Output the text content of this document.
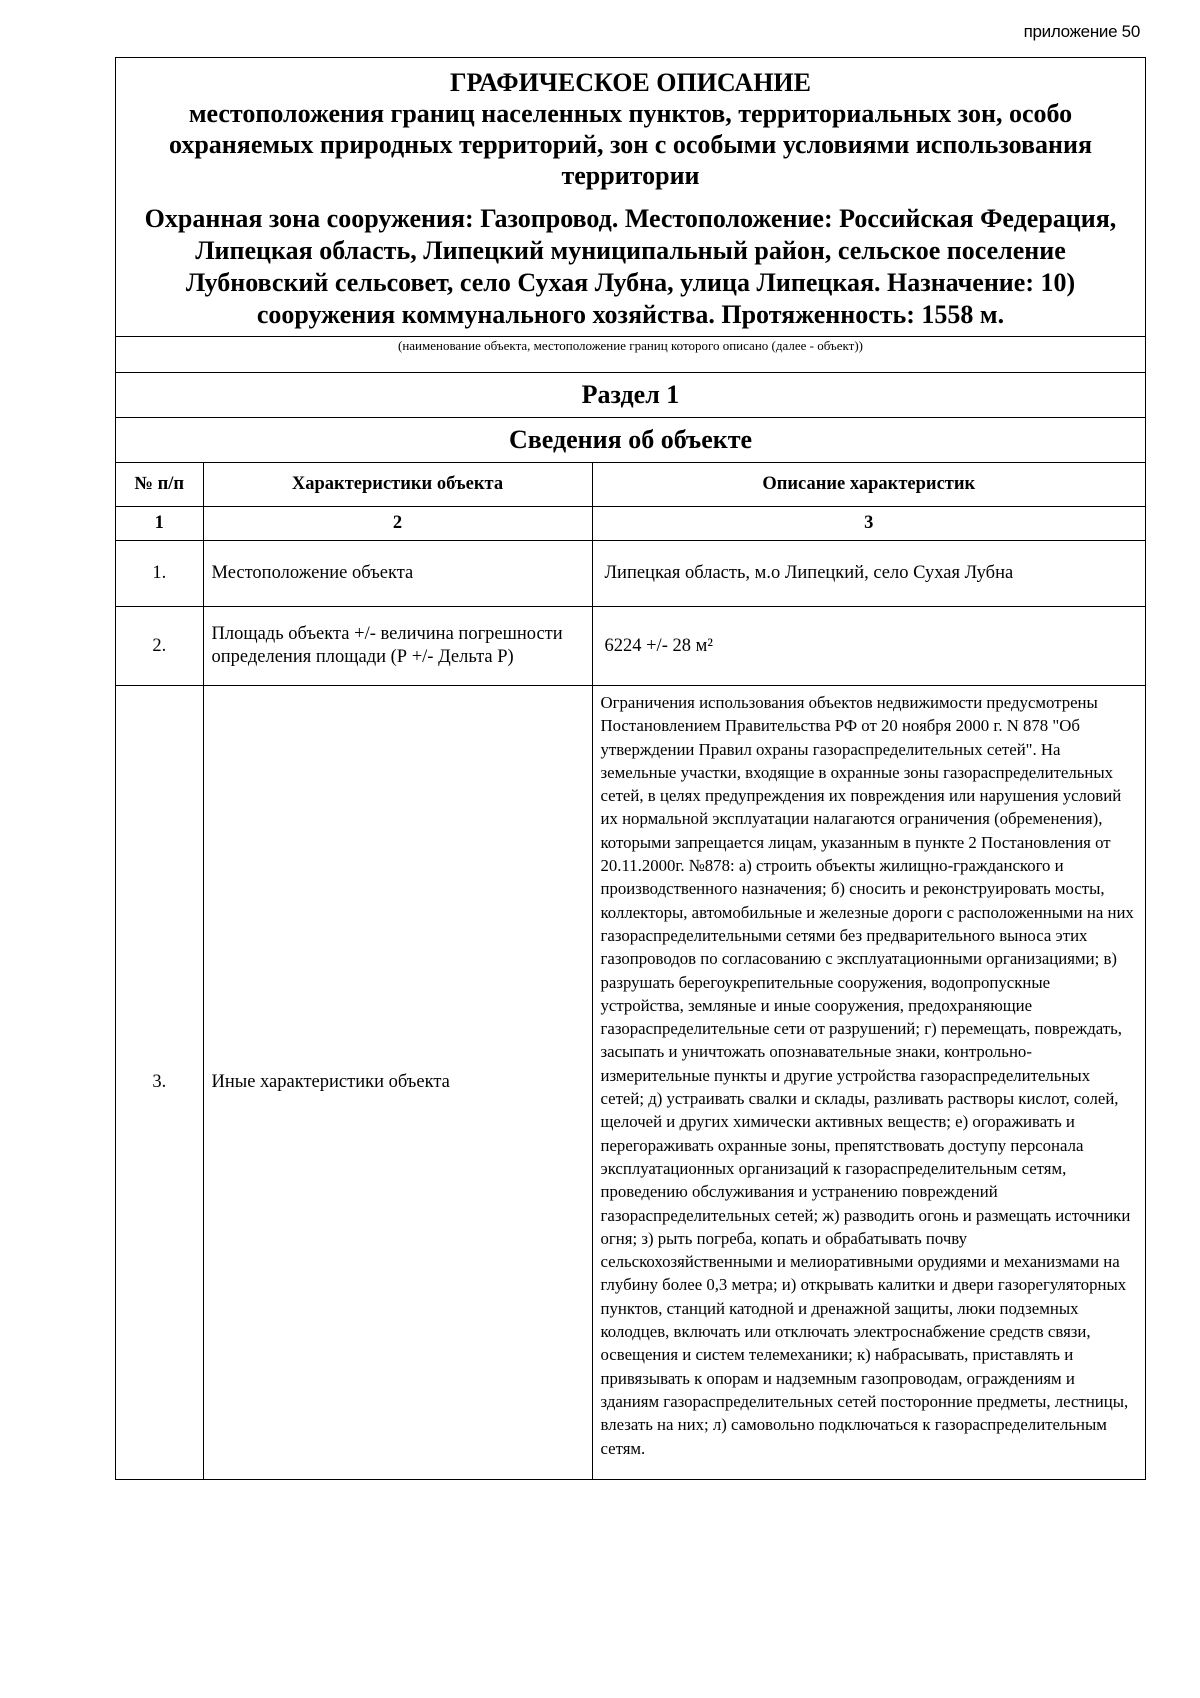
приложение 50
ГРАФИЧЕСКОЕ ОПИСАНИЕ
местоположения границ населенных пунктов, территориальных зон, особо охраняемых природных территорий, зон с особыми условиями использования территории
Охранная зона сооружения: Газопровод. Местоположение: Российская Федерация, Липецкая область, Липецкий муниципальный район, сельское поселение Лубновский сельсовет, село Сухая Лубна, улица Липецкая. Назначение: 10) сооружения коммунального хозяйства. Протяженность: 1558 м.
(наименование объекта, местоположение границ которого описано (далее - объект))
Раздел 1
Сведения об объекте
№ п/п	Характеристики объекта	Описание характеристик
1	2	3
1.	Местоположение объекта	Липецкая область, м.о Липецкий, село Сухая Лубна
2.	Площадь объекта +/- величина погрешности определения площади (Р +/- Дельта Р)	6224 +/- 28 м²
3.	Иные характеристики объекта	Ограничения использования объектов недвижимости предусмотрены Постановлением Правительства РФ от 20 ноября 2000 г. N 878 "Об утверждении Правил охраны газораспределительных сетей". На земельные участки, входящие в охранные зоны газораспределительных сетей, в целях предупреждения их повреждения или нарушения условий их нормальной эксплуатации налагаются ограничения (обременения), которыми запрещается лицам, указанным в пункте 2 Постановления от 20.11.2000г. №878: а) строить объекты жилищно-гражданского и производственного назначения; б) сносить и реконструировать мосты, коллекторы, автомобильные и железные дороги с расположенными на них газораспределительными сетями без предварительного выноса этих газопроводов по согласованию с эксплуатационными организациями; в) разрушать берегоукрепительные сооружения, водопропускные устройства, земляные и иные сооружения, предохраняющие газораспределительные сети от разрушений; г) перемещать, повреждать, засыпать и уничтожать опознавательные знаки, контрольно-измерительные пункты и другие устройства газораспределительных сетей; д) устраивать свалки и склады, разливать растворы кислот, солей, щелочей и других химически активных веществ; е) огораживать и перегораживать охранные зоны, препятствовать доступу персонала эксплуатационных организаций к газораспределительным сетям, проведению обслуживания и устранению повреждений газораспределительных сетей; ж) разводить огонь и размещать источники огня; з) рыть погреба, копать и обрабатывать почву сельскохозяйственными и мелиоративными орудиями и механизмами на глубину более 0,3 метра; и) открывать калитки и двери газорегуляторных пунктов, станций катодной и дренажной защиты, люки подземных колодцев, включать или отключать электроснабжение средств связи, освещения и систем телемеханики; к) набрасывать, приставлять и привязывать к опорам и надземным газопроводам, ограждениям и зданиям газораспределительных сетей посторонние предметы, лестницы, влезать на них; л) самовольно подключаться к газораспределительным сетям.
